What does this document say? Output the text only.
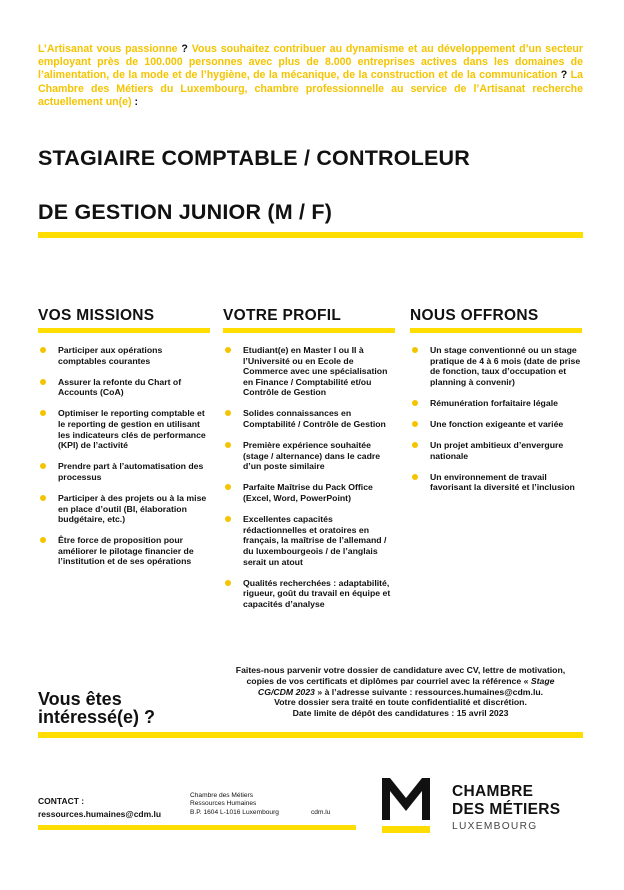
L’Artisanat vous passionne ? Vous souhaitez contribuer au dynamisme et au développement d’un secteur employant près de 100.000 personnes avec plus de 8.000 entreprises actives dans les domaines de l’alimentation, de la mode et de l’hygiène, de la mécanique, de la construction et de la communication ? La Chambre des Métiers du Luxembourg, chambre professionnelle au service de l’Artisanat recherche actuellement un(e) :
STAGIAIRE COMPTABLE / CONTROLEUR
DE GESTION JUNIOR (M / F)
VOS MISSIONS
Participer aux opérations comptables courantes
Assurer la refonte du Chart of Accounts (CoA)
Optimiser le reporting comptable et le reporting de gestion en utilisant les indicateurs clés de performance (KPI) de l’activité
Prendre part à l’automatisation des processus
Participer à des projets ou à la mise en place d’outil (BI, élaboration budgétaire, etc.)
Être force de proposition pour améliorer le pilotage financier de l’institution et de ses opérations
VOTRE PROFIL
Etudiant(e) en Master I ou II à l’Université ou en Ecole de Commerce avec une spécialisation en Finance / Comptabilité et/ou Contrôle de Gestion
Solides connaissances en Comptabilité / Contrôle de Gestion
Première expérience souhaitée (stage / alternance) dans le cadre d’un poste similaire
Parfaite Maîtrise du Pack Office (Excel, Word, PowerPoint)
Excellentes capacités rédactionnelles et oratoires en français, la maîtrise de l’allemand / du luxembourgeois / de l’anglais serait un atout
Qualités recherchées : adaptabilité, rigueur, goût du travail en équipe et capacités d’analyse
NOUS OFFRONS
Un stage conventionné ou un stage pratique de 4 à 6 mois (date de prise de fonction, taux d’occupation et planning à convenir)
Rémunération forfaitaire légale
Une fonction exigeante et variée
Un projet ambitieux d’envergure nationale
Un environnement de travail favorisant la diversité et l’inclusion
Vous êtes
intéressé(e) ?
Faites-nous parvenir votre dossier de candidature avec CV, lettre de motivation,
copies de vos certificats et diplômes par courriel avec la référence « Stage
CG/CDM 2023 » à l’adresse suivante : ressources.humaines@cdm.lu.
Votre dossier sera traité en toute confidentialité et discrétion.
Date limite de dépôt des candidatures : 15 avril 2023
CONTACT :
ressources.humaines@cdm.lu
Chambre des Métiers
Ressources Humaines
B.P. 1604 L-1016 Luxembourg	cdm.lu
CHAMBRE
DES MÉTIERS
LUXEMBOURG
